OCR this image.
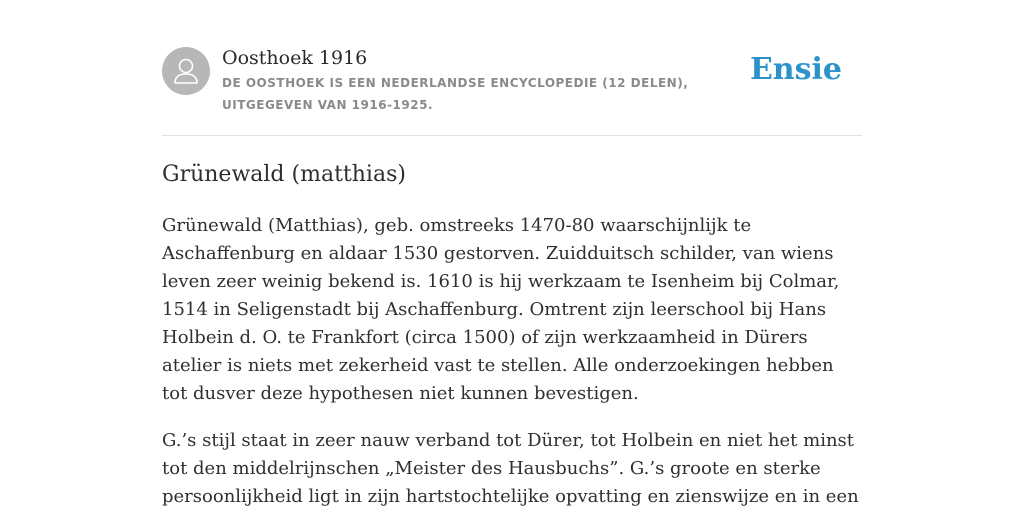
Oosthoek 1916

DE OOSTHOEK IS EEN NEDERLANDSE ENCYCLOPEDIE (12 DELEN), UITGEGEVEN VAN 1916-1925.

Ensie
Grünewald (matthias)

Grünewald (Matthias), geb. omstreeks 1470-80 waarschijnlijk te Aschaffenburg en aldaar 1530 gestorven. Zuidduitsch schilder, van wiens leven zeer weinig bekend is. 1610 is hij werkzaam te Isenheim bij Colmar, 1514 in Seligenstadt bij Aschaffenburg. Omtrent zijn leerschool bij Hans Holbein d. O. te Frankfort (circa 1500) of zijn werkzaamheid in Dürers atelier is niets met zekerheid vast te stellen. Alle onderzoekingen hebben tot dusver deze hypothesen niet kunnen bevestigen.

G.’s stijl staat in zeer nauw verband tot Dürer, tot Holbein en niet het minst tot den middelrijnschen „Meister des Hausbuchs”. G.’s groote en sterke persoonlijkheid ligt in zijn hartstochtelijke opvatting en zienswijze en in een
